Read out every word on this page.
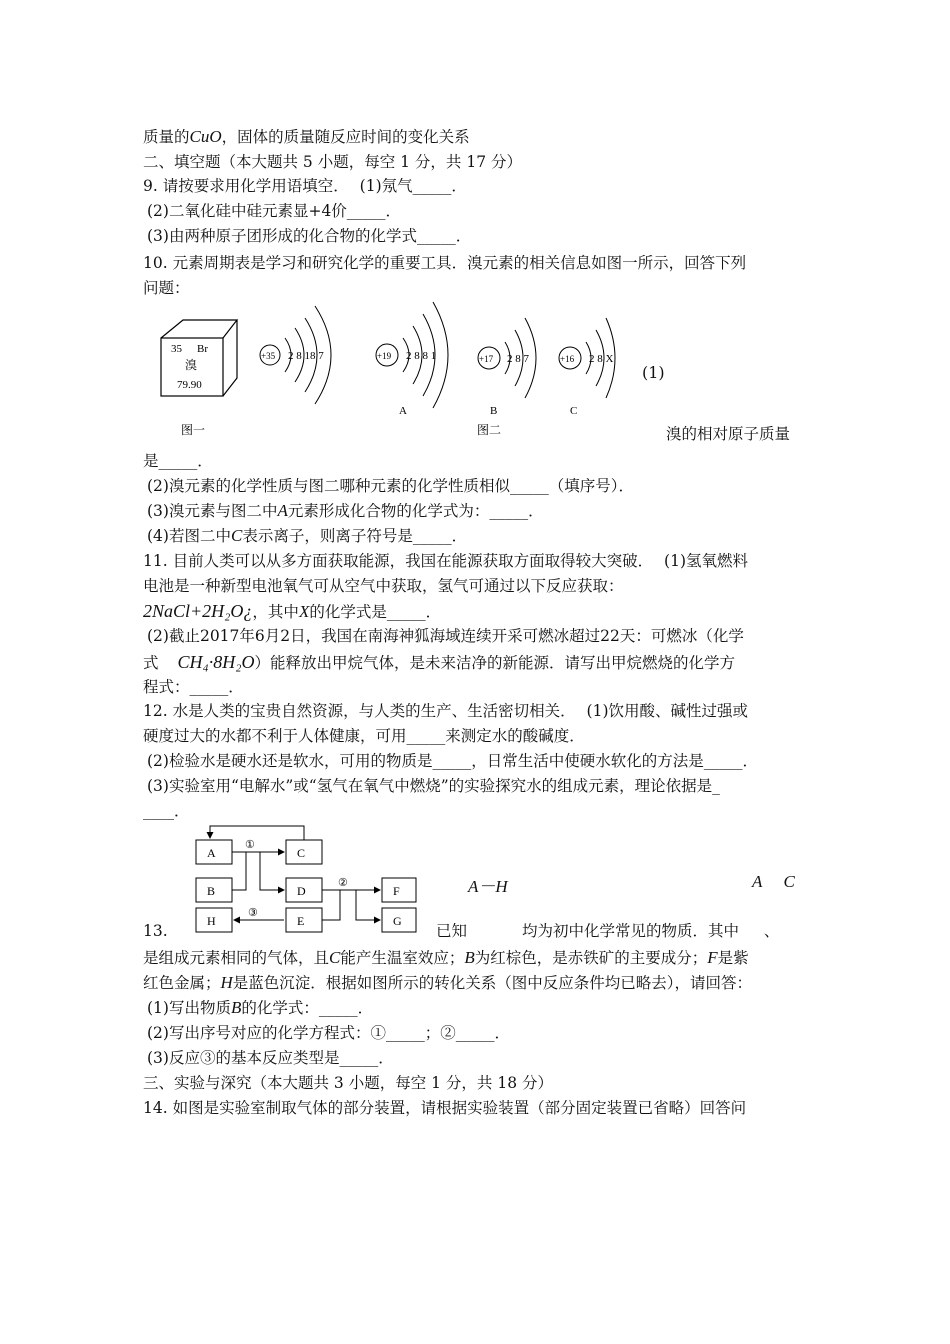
质量的CuO，固体的质量随反应时间的变化关系
二、填空题（本大题共 5 小题，每空 1 分，共 17 分）
9. 请按要求用化学用语填空． (1)氖气_____．
(2)二氧化硅中硅元素显+4价_____．
(3)由两种原子团形成的化合物的化学式_____．
10. 元素周期表是学习和研究化学的重要工具．溴元素的相关信息如图一所示，回答下列
问题：
35 Br
溴
79.90
图一
+35 2 8 18 7	+19 2 8 8 1
A
图二
+17 2 8 7
B
+16 2 8 X
C
(1)
溴的相对原子质量
是_____．
(2)溴元素的化学性质与图二哪种元素的化学性质相似_____（填序号）．
(3)溴元素与图二中A元素形成化合物的化学式为：_____．
(4)若图二中C表示离子，则离子符号是_____．
11. 目前人类可以从多方面获取能源，我国在能源获取方面取得较大突破． (1)氢氧燃料
电池是一种新型电池氧气可从空气中获取，氢气可通过以下反应获取：
2NaCl+2H₂O¿，其中X的化学式是_____．
(2)截止2017年6月2日，我国在南海神狐海域连续开采可燃冰超过22天：可燃冰（化学
式 CH₄·8H₂O）能释放出甲烷气体，是未来洁净的新能源．请写出甲烷燃烧的化学方
程式：_____．
12. 水是人类的宝贵自然资源，与人类的生产、生活密切相关． (1)饮用酸、碱性过强或
硬度过大的水都不利于人体健康，可用_____来测定水的酸碱度．
(2)检验水是硬水还是软水，可用的物质是_____，日常生活中使硬水软化的方法是_____．
(3)实验室用“电解水”或“氢气在氧气中燃烧”的实验探究水的组成元素，理论依据是_
____．
A	C
B	D
H	E
F
G
①
②
③
A－H	A C
13.	已知	均为初中化学常见的物质．其中 、
是组成元素相同的气体，且C能产生温室效应；B为红棕色，是赤铁矿的主要成分；F是紫
红色金属；H是蓝色沉淀．根据如图所示的转化关系（图中反应条件均已略去），请回答：
(1)写出物质B的化学式：_____．
(2)写出序号对应的化学方程式：①_____；②_____．
(3)反应③的基本反应类型是_____．
三、实验与深究（本大题共 3 小题，每空 1 分，共 18 分）
14. 如图是实验室制取气体的部分装置，请根据实验装置（部分固定装置已省略）回答问
